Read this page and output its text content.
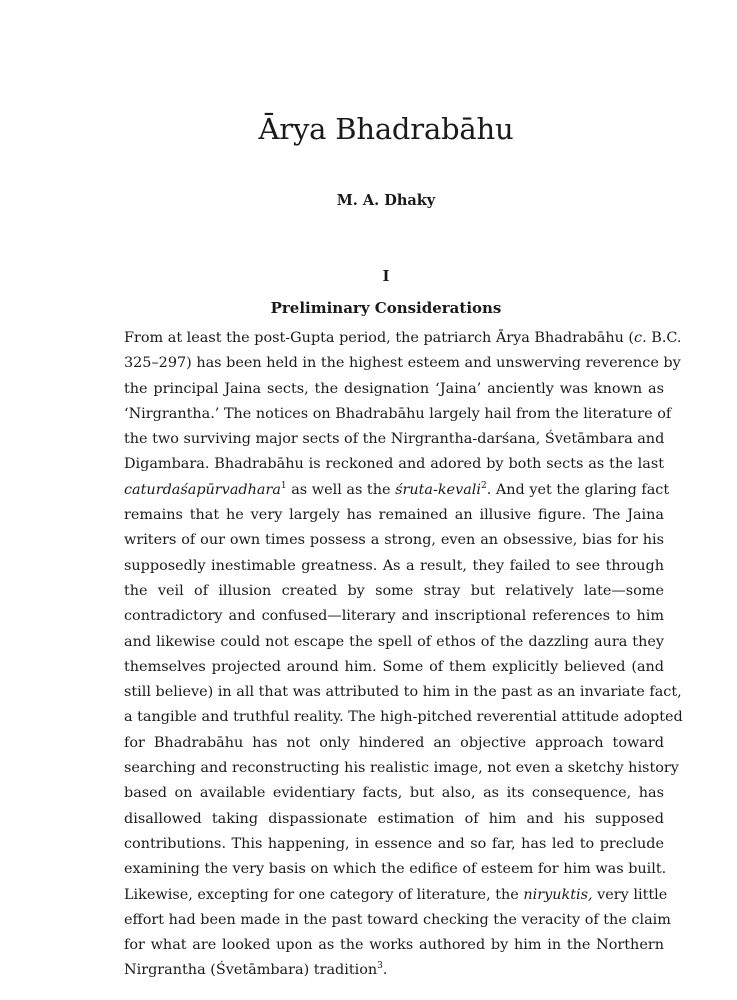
Ārya Bhadrabāhu
M. A. Dhaky
I
Preliminary Considerations
From at least the post-Gupta period, the patriarch Ārya Bhadrabāhu (c. B.C.
325–297) has been held in the highest esteem and unswerving reverence by
the principal Jaina sects, the designation ‘Jaina’ anciently was known as
‘Nirgrantha.’ The notices on Bhadrabāhu largely hail from the literature of
the two surviving major sects of the Nirgrantha-darśana, Śvetāmbara and
Digambara. Bhadrabāhu is reckoned and adored by both sects as the last
caturdaśapūrvadhara$^1$ as well as the śruta-kevali$^2$. And yet the glaring fact
remains that he very largely has remained an illusive figure. The Jaina
writers of our own times possess a strong, even an obsessive, bias for his
supposedly inestimable greatness. As a result, they failed to see through
the veil of illusion created by some stray but relatively late—some
contradictory and confused—literary and inscriptional references to him
and likewise could not escape the spell of ethos of the dazzling aura they
themselves projected around him. Some of them explicitly believed (and
still believe) in all that was attributed to him in the past as an invariate fact,
a tangible and truthful reality. The high-pitched reverential attitude adopted
for Bhadrabāhu has not only hindered an objective approach toward
searching and reconstructing his realistic image, not even a sketchy history
based on available evidentiary facts, but also, as its consequence, has
disallowed taking dispassionate estimation of him and his supposed
contributions. This happening, in essence and so far, has led to preclude
examining the very basis on which the edifice of esteem for him was built.
Likewise, excepting for one category of literature, the niryuktis, very little
effort had been made in the past toward checking the veracity of the claim
for what are looked upon as the works authored by him in the Northern
Nirgrantha (Śvetāmbara) tradition$^3$.
